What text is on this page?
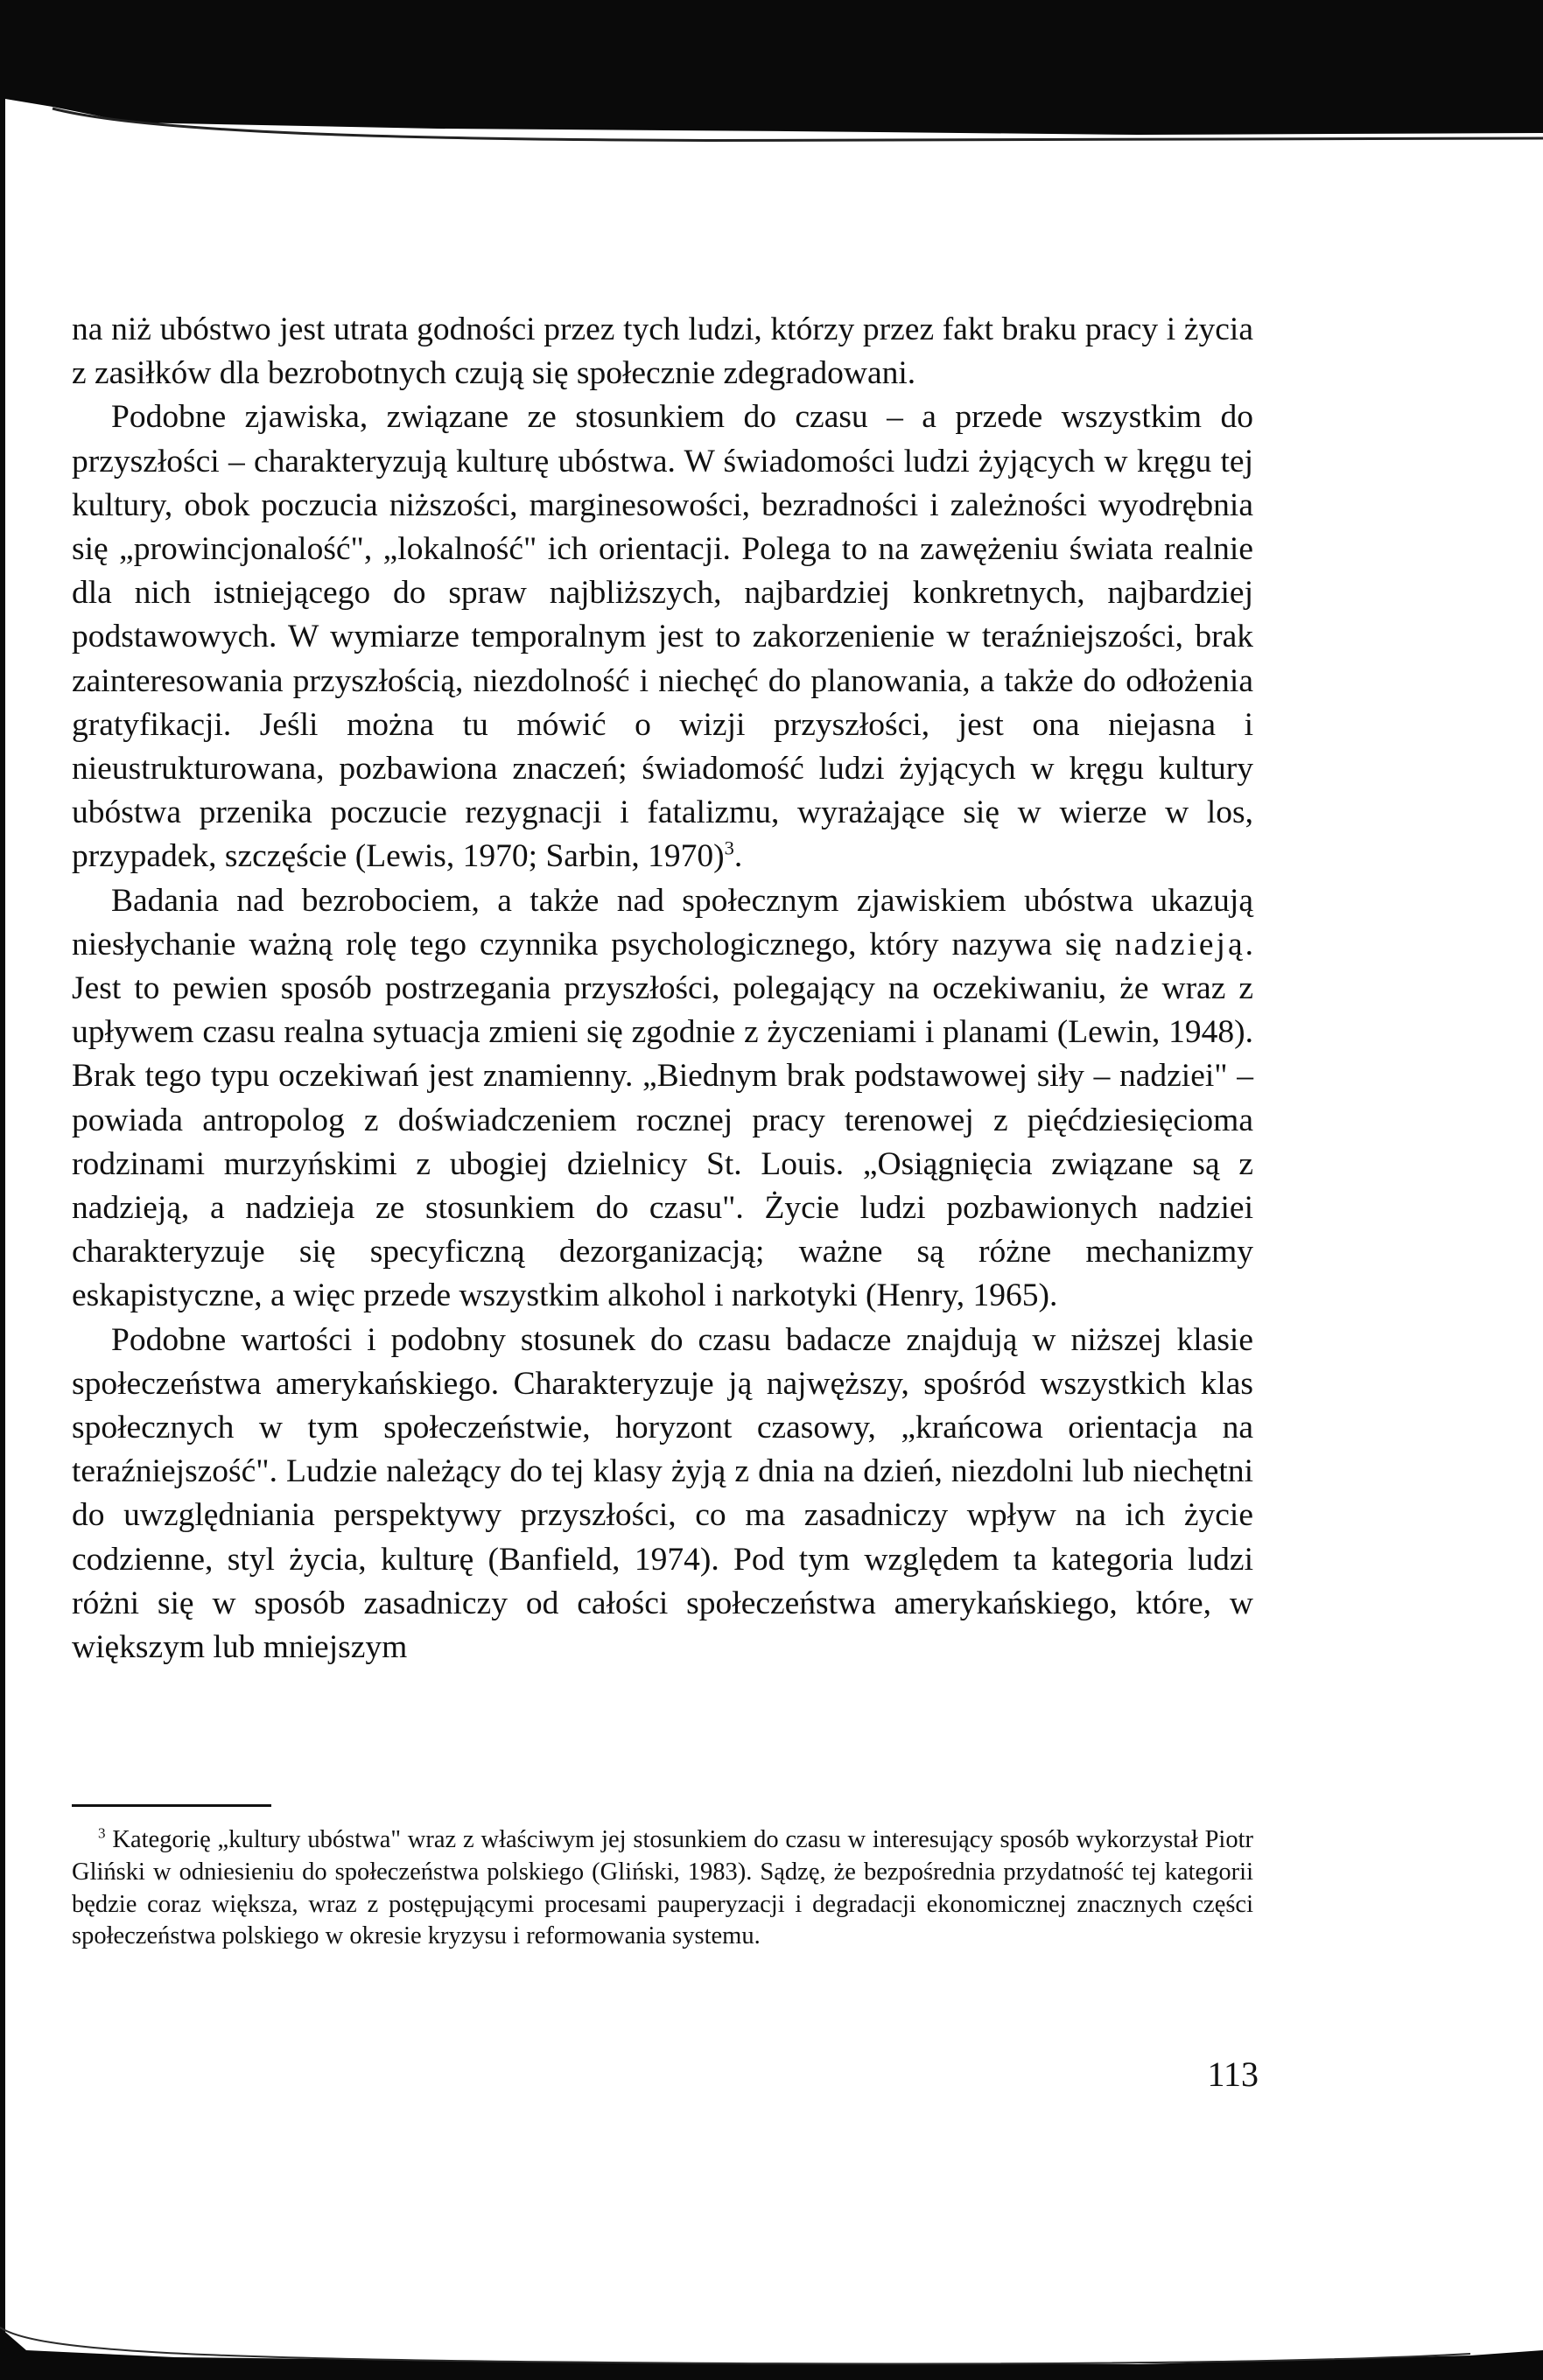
na niż ubóstwo jest utrata godności przez tych ludzi, którzy przez fakt braku pracy i życia z zasiłków dla bezrobotnych czują się społecznie zdegradowani.

Podobne zjawiska, związane ze stosunkiem do czasu – a przede wszystkim do przyszłości – charakteryzują kulturę ubóstwa. W świadomości ludzi żyjących w kręgu tej kultury, obok poczucia niższości, marginesowości, bezradności i zależności wyodrębnia się „prowincjonalość", „lokalność" ich orientacji. Polega to na zawężeniu świata realnie dla nich istniejącego do spraw najbliższych, najbardziej konkretnych, najbardziej podstawowych. W wymiarze temporalnym jest to zakorzenienie w teraźniejszości, brak zainteresowania przyszłością, niezdolność i niechęć do planowania, a także do odłożenia gratyfikacji. Jeśli można tu mówić o wizji przyszłości, jest ona niejasna i nieustrukturowana, pozbawiona znaczeń; świadomość ludzi żyjących w kręgu kultury ubóstwa przenika poczucie rezygnacji i fatalizmu, wyrażające się w wierze w los, przypadek, szczęście (Lewis, 1970; Sarbin, 1970)$^3$.

Badania nad bezrobociem, a także nad społecznym zjawiskiem ubóstwa ukazują niesłychanie ważną rolę tego czynnika psychologicznego, który nazywa się nadzieją. Jest to pewien sposób postrzegania przyszłości, polegający na oczekiwaniu, że wraz z upływem czasu realna sytuacja zmieni się zgodnie z życzeniami i planami (Lewin, 1948). Brak tego typu oczekiwań jest znamienny. „Biednym brak podstawowej siły – nadziei" – powiada antropolog z doświadczeniem rocznej pracy terenowej z pięćdziesięcioma rodzinami murzyńskimi z ubogiej dzielnicy St. Louis. „Osiągnięcia związane są z nadzieją, a nadzieja ze stosunkiem do czasu". Życie ludzi pozbawionych nadziei charakteryzuje się specyficzną dezorganizacją; ważne są różne mechanizmy eskapistyczne, a więc przede wszystkim alkohol i narkotyki (Henry, 1965).

Podobne wartości i podobny stosunek do czasu badacze znajdują w niższej klasie społeczeństwa amerykańskiego. Charakteryzuje ją najwęższy, spośród wszystkich klas społecznych w tym społeczeństwie, horyzont czasowy, „krańcowa orientacja na teraźniejszość". Ludzie należący do tej klasy żyją z dnia na dzień, niezdolni lub niechętni do uwzględniania perspektywy przyszłości, co ma zasadniczy wpływ na ich życie codzienne, styl życia, kulturę (Banfield, 1974). Pod tym względem ta kategoria ludzi różni się w sposób zasadniczy od całości społeczeństwa amerykańskiego, które, w większym lub mniejszym

$^3$ Kategorię „kultury ubóstwa" wraz z właściwym jej stosunkiem do czasu w interesujący sposób wykorzystał Piotr Gliński w odniesieniu do społeczeństwa polskiego (Gliński, 1983). Sądzę, że bezpośrednia przydatność tej kategorii będzie coraz większa, wraz z postępującymi procesami pauperyzacji i degradacji ekonomicznej znacznych części społeczeństwa polskiego w okresie kryzysu i reformowania systemu.

113
